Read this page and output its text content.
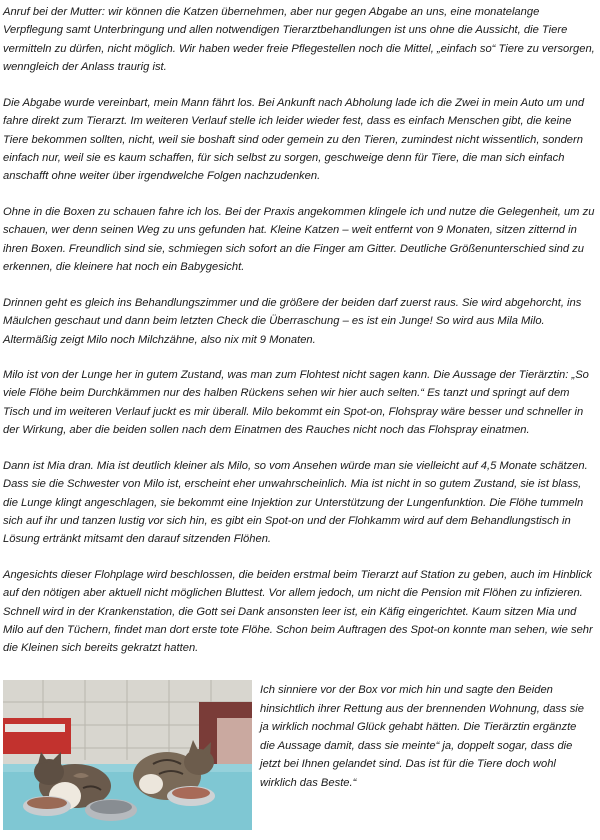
Anruf bei der Mutter: wir können die Katzen übernehmen, aber nur gegen Abgabe an uns, eine monatelange Verpflegung samt Unterbringung und allen notwendigen Tierarztbehandlungen ist uns ohne die Aussicht, die Tiere vermitteln zu dürfen, nicht möglich. Wir haben weder freie Pflegestellen noch die Mittel, „einfach so“ Tiere zu versorgen, wenngleich der Anlass traurig ist.

Die Abgabe wurde vereinbart, mein Mann fährt los. Bei Ankunft nach Abholung lade ich die Zwei in mein Auto um und fahre direkt zum Tierarzt. Im weiteren Verlauf stelle ich leider wieder fest, dass es einfach Menschen gibt, die keine Tiere bekommen sollten, nicht, weil sie boshaft sind oder gemein zu den Tieren, zumindest nicht wissentlich, sondern einfach nur, weil sie es kaum schaffen, für sich selbst zu sorgen, geschweige denn für Tiere, die man sich einfach anschafft ohne weiter über irgendwelche Folgen nachzudenken.

Ohne in die Boxen zu schauen fahre ich los. Bei der Praxis angekommen klingele ich und nutze die Gelegenheit, um zu schauen, wer denn seinen Weg zu uns gefunden hat. Kleine Katzen – weit entfernt von 9 Monaten, sitzen zitternd in ihren Boxen. Freundlich sind sie, schmiegen sich sofort an die Finger am Gitter. Deutliche Größenunterschied sind zu erkennen, die kleinere hat noch ein Babygesicht.

Drinnen geht es gleich ins Behandlungszimmer und die größere der beiden darf zuerst raus. Sie wird abgehorcht, ins Mäulchen geschaut und dann beim letzten Check die Überraschung – es ist ein Junge! So wird aus Mila Milo. Altermäßig zeigt Milo noch Milchzähne, also nix mit 9 Monaten.

Milo ist von der Lunge her in gutem Zustand, was man zum Flohtest nicht sagen kann. Die Aussage der Tierärztin: „So viele Flöhe beim Durchkämmen nur des halben Rückens sehen wir hier auch selten.“ Es tanzt und springt auf dem Tisch und im weiteren Verlauf juckt es mir überall. Milo bekommt ein Spot-on, Flohspray wäre besser und schneller in der Wirkung, aber die beiden sollen nach dem Einatmen des Rauches nicht noch das Flohspray einatmen.

Dann ist Mia dran. Mia ist deutlich kleiner als Milo, so vom Ansehen würde man sie vielleicht auf 4,5 Monate schätzen. Dass sie die Schwester von Milo ist, erscheint eher unwahrscheinlich. Mia ist nicht in so gutem Zustand, sie ist blass, die Lunge klingt angeschlagen, sie bekommt eine Injektion zur Unterstützung der Lungenfunktion. Die Flöhe tummeln sich auf ihr und tanzen lustig vor sich hin, es gibt ein Spot-on und der Flohkamm wird auf dem Behandlungstisch in Lösung ertränkt mitsamt den darauf sitzenden Flöhen.

Angesichts dieser Flohplage wird beschlossen, die beiden erstmal beim Tierarzt auf Station zu geben, auch im Hinblick auf den nötigen aber aktuell nicht möglichen Bluttest. Vor allem jedoch, um nicht die Pension mit Flöhen zu infizieren. Schnell wird in der Krankenstation, die Gott sei Dank ansonsten leer ist, ein Käfig eingerichtet. Kaum sitzen Mia und Milo auf den Tüchern, findet man dort erste tote Flöhe. Schon beim Auftragen des Spot-on konnte man sehen, wie sehr die Kleinen sich bereits gekratzt hatten.

Ich sinniere vor der Box vor mich hin und sagte den Beiden hinsichtlich ihrer Rettung aus der brennenden Wohnung, dass sie ja wirklich nochmal Glück gehabt hätten. Die Tierärztin ergänzte die Aussage damit, dass sie meinte“ ja, doppelt sogar, dass die jetzt bei Ihnen gelandet sind. Das ist für die Tiere doch wohl wirklich das Beste.“
